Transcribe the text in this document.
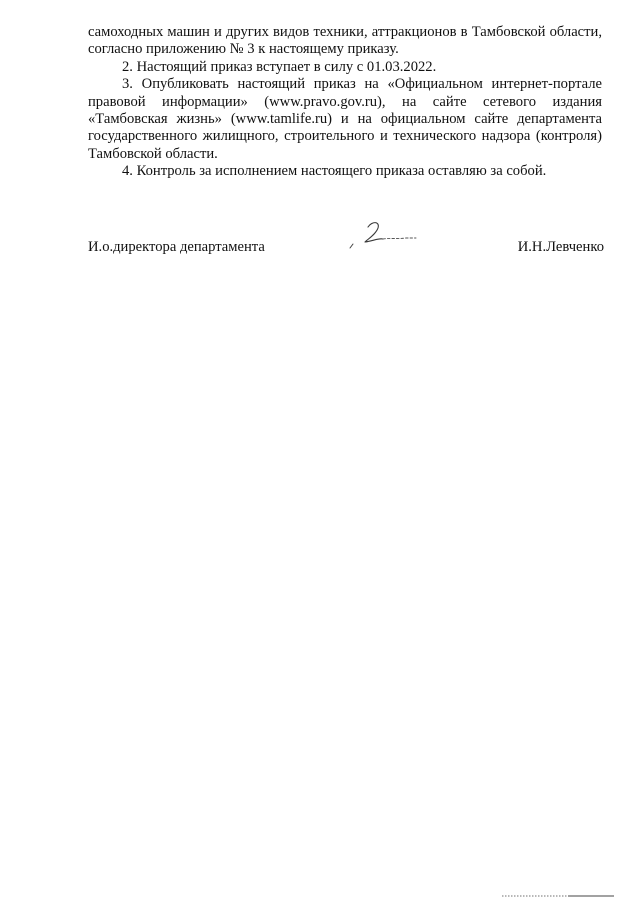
самоходных машин и других видов техники, аттракционов в Тамбовской области, согласно приложению № 3 к настоящему приказу.

2. Настоящий приказ вступает в силу с 01.03.2022.

3. Опубликовать настоящий приказ на «Официальном интернет-портале правовой информации» (www.pravo.gov.ru), на сайте сетевого издания «Тамбовская жизнь» (www.tamlife.ru) и на официальном сайте департамента государственного жилищного, строительного и технического надзора (контроля) Тамбовской области.

4. Контроль за исполнением настоящего приказа оставляю за собой.

И.о.директора департамента	И.Н.Левченко
